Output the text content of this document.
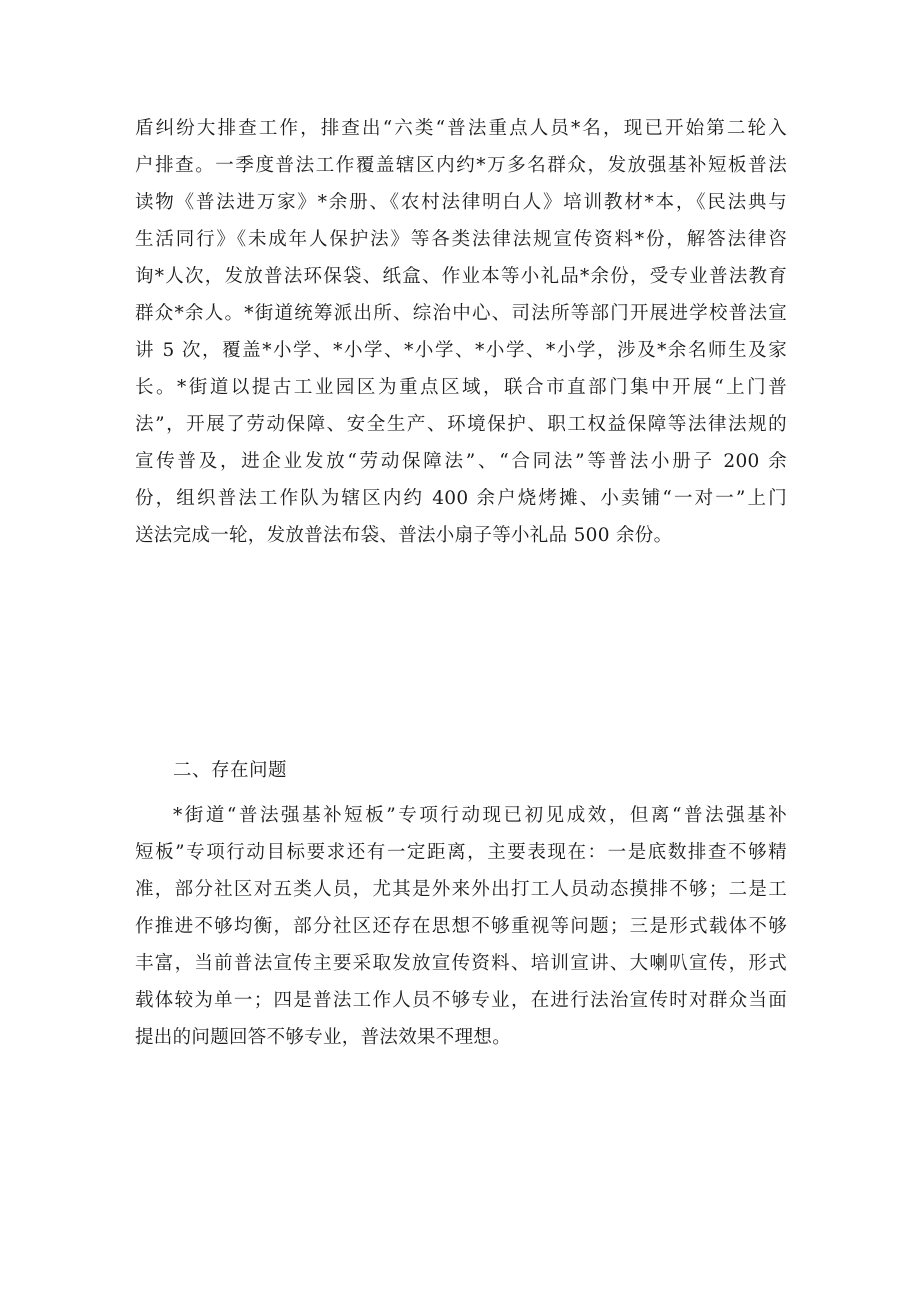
盾纠纷大排查工作，排查出“六类“普法重点人员*名，现已开始第二轮入
户排查。一季度普法工作覆盖辖区内约*万多名群众，发放强基补短板普法
读物《普法进万家》*余册、《农村法律明白人》培训教材*本，《民法典与
生活同行》《未成年人保护法》等各类法律法规宣传资料*份，解答法律咨
询*人次，发放普法环保袋、纸盒、作业本等小礼品*余份，受专业普法教育
群众*余人。*街道统筹派出所、综治中心、司法所等部门开展进学校普法宣
讲 5 次，覆盖*小学、*小学、*小学、*小学、*小学，涉及*余名师生及家
长。*街道以提古工业园区为重点区域，联合市直部门集中开展“上门普
法”，开展了劳动保障、安全生产、环境保护、职工权益保障等法律法规的
宣传普及，进企业发放“劳动保障法”、“合同法”等普法小册子 200 余
份，组织普法工作队为辖区内约 400 余户烧烤摊、小卖铺“一对一”上门
送法完成一轮，发放普法布袋、普法小扇子等小礼品 500 余份。
二、存在问题
*街道“普法强基补短板”专项行动现已初见成效，但离“普法强基补
短板”专项行动目标要求还有一定距离，主要表现在：一是底数排查不够精
准，部分社区对五类人员，尤其是外来外出打工人员动态摸排不够；二是工
作推进不够均衡，部分社区还存在思想不够重视等问题；三是形式载体不够
丰富，当前普法宣传主要采取发放宣传资料、培训宣讲、大喇叭宣传，形式
载体较为单一；四是普法工作人员不够专业，在进行法治宣传时对群众当面
提出的问题回答不够专业，普法效果不理想。
